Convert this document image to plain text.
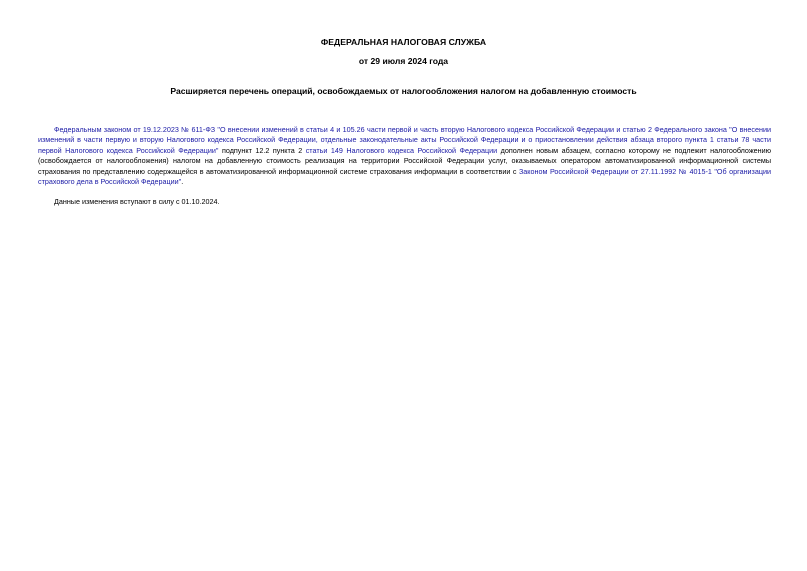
ФЕДЕРАЛЬНАЯ НАЛОГОВАЯ СЛУЖБА
от 29 июля 2024 года
Расширяется перечень операций, освобождаемых от налогообложения налогом на добавленную стоимость

Федеральным законом от 19.12.2023 № 611-ФЗ "О внесении изменений в статьи 4 и 105.26 части первой и часть вторую Налогового кодекса Российской Федерации и статью 2 Федерального закона "О внесении изменений в части первую и вторую Налогового кодекса Российской Федерации, отдельные законодательные акты Российской Федерации и о приостановлении действия абзаца второго пункта 1 статьи 78 части первой Налогового кодекса Российской Федерации" подпункт 12.2 пункта 2 статьи 149 Налогового кодекса Российской Федерации дополнен новым абзацем, согласно которому не подлежит налогообложению (освобождается от налогообложения) налогом на добавленную стоимость реализация на территории Российской Федерации услуг, оказываемых оператором автоматизированной информационной системы страхования по представлению содержащейся в автоматизированной информационной системе страхования информации в соответствии с Законом Российской Федерации от 27.11.1992 № 4015-1 "Об организации страхового дела в Российской Федерации".

Данные изменения вступают в силу с 01.10.2024.
